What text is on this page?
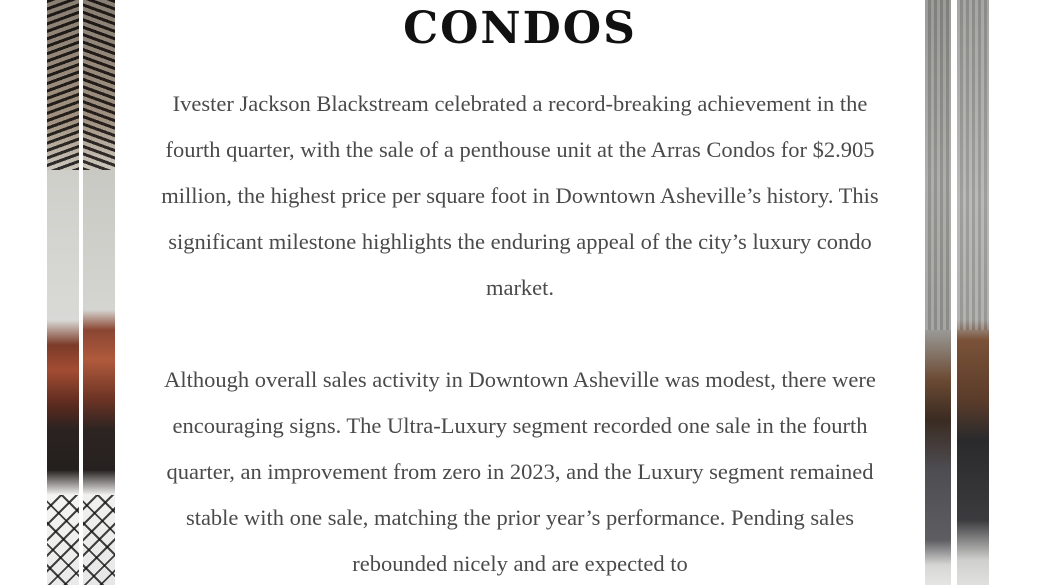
CONDOS

Ivester Jackson Blackstream celebrated a record-breaking achievement in the fourth quarter, with the sale of a penthouse unit at the Arras Condos for $2.905 million, the highest price per square foot in Downtown Asheville’s history. This significant milestone highlights the enduring appeal of the city’s luxury condo market.

Although overall sales activity in Downtown Asheville was modest, there were encouraging signs. The Ultra-Luxury segment recorded one sale in the fourth quarter, an improvement from zero in 2023, and the Luxury segment remained stable with one sale, matching the prior year’s performance. Pending sales rebounded nicely and are expected to
